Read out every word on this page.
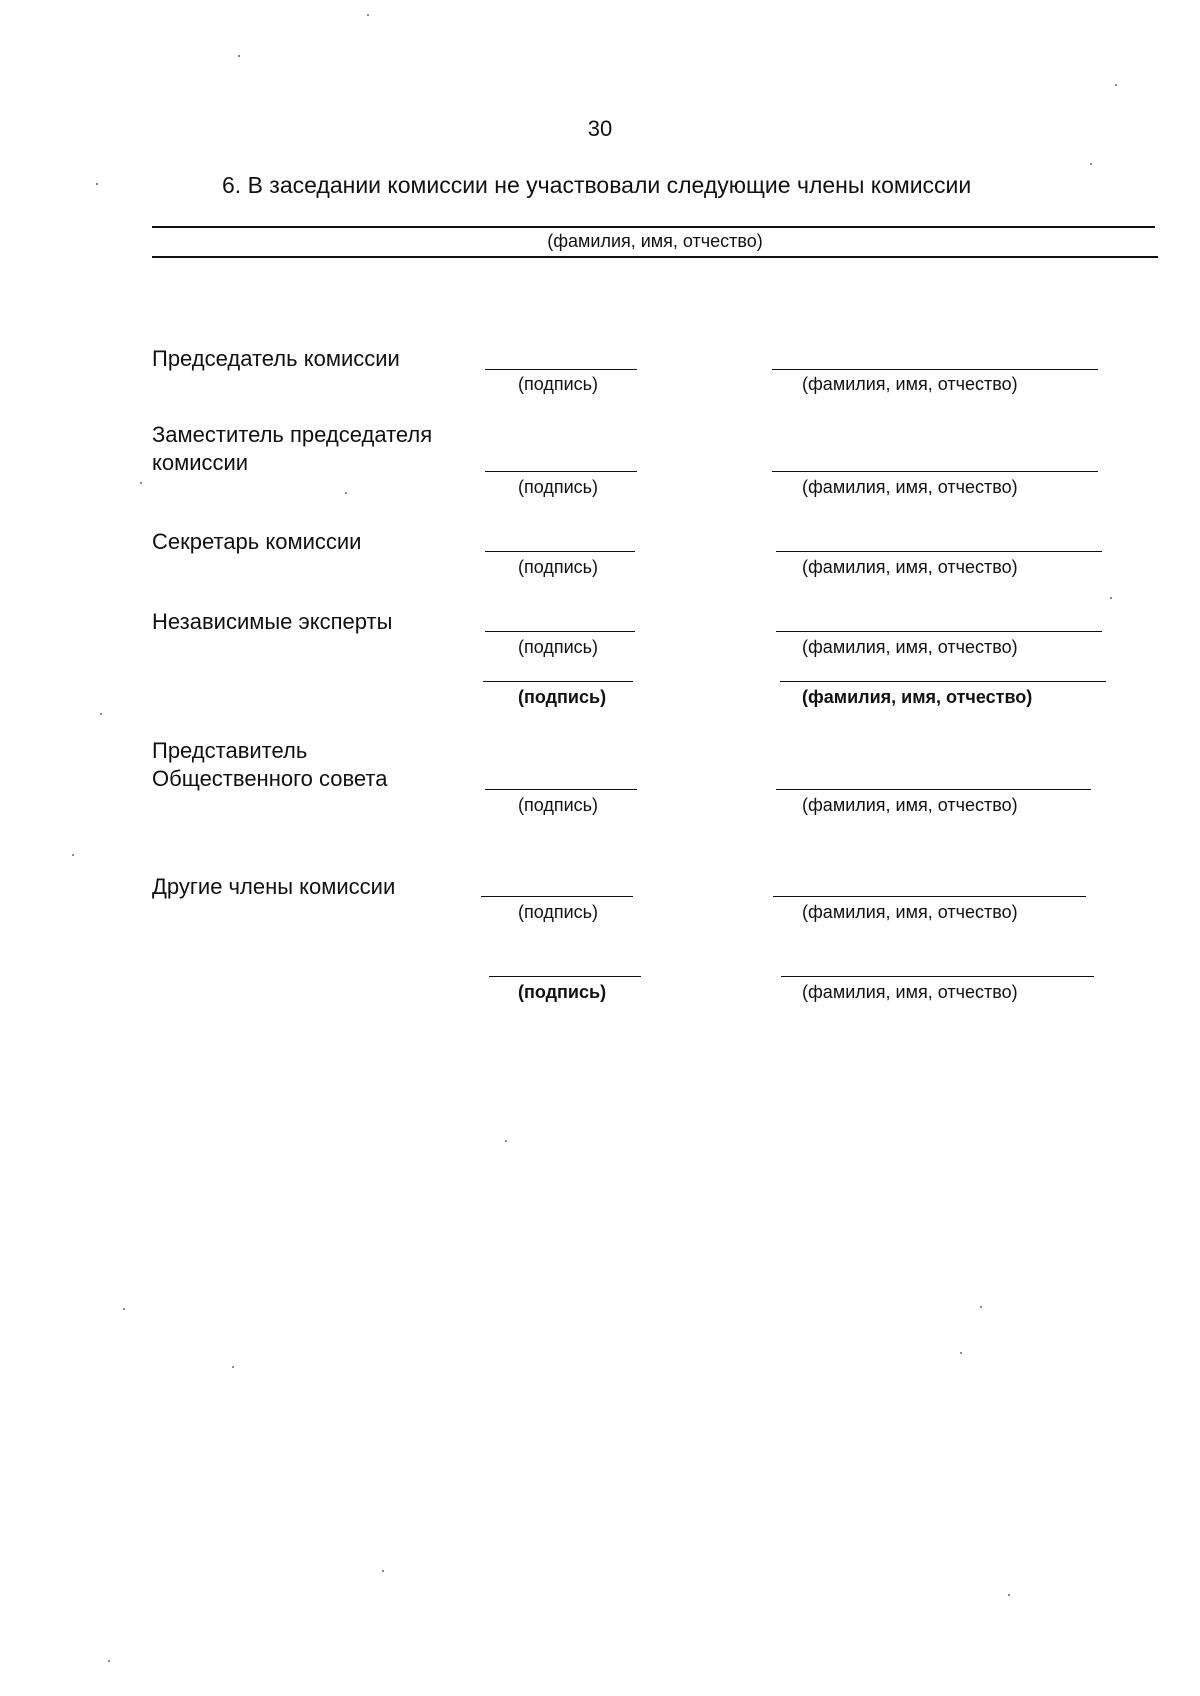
30
6. В заседании комиссии не участвовали следующие члены комиссии
(фамилия, имя, отчество)
Председатель комиссии
(подпись)	(фамилия, имя, отчество)
Заместитель председателя
комиссии
(подпись)	(фамилия, имя, отчество)
Секретарь комиссии
(подпись)	(фамилия, имя, отчество)
Независимые эксперты
(подпись)	(фамилия, имя, отчество)
(подпись)	(фамилия, имя, отчество)
Представитель
Общественного совета
(подпись)	(фамилия, имя, отчество)
Другие члены комиссии
(подпись)	(фамилия, имя, отчество)
(подпись)	(фамилия, имя, отчество)
